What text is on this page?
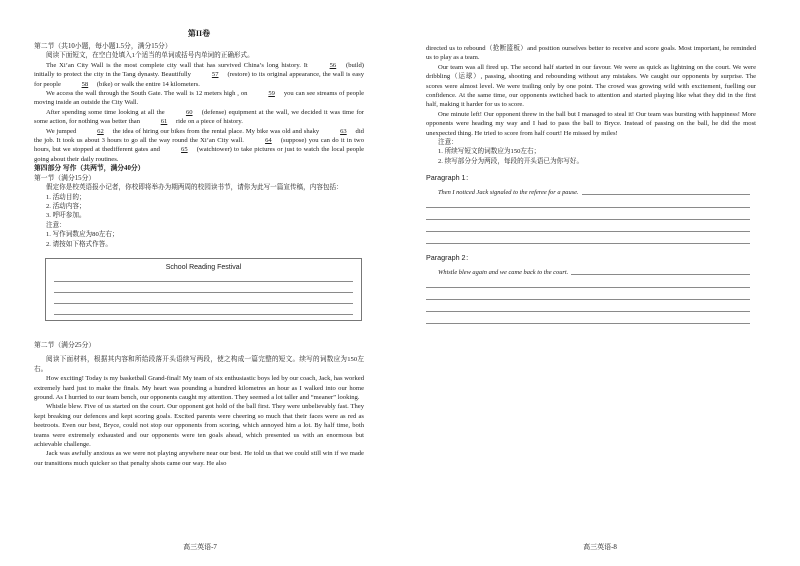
第II卷
第二节（共10小题，每小题1.5分，满分15分）
阅读下面短文，在空白处填入1个适当的单词或括号内单词的正确形式。
The Xi’an City Wall is the most complete city wall that has survived China’s long history. It	56 (build) initially to protect the city in the Tang dynasty. Beautifully	57 (restore) to its original appearance, the wall is easy for people	58 (bike) or walk the entire 14 kilometers.
We access the wall through the South Gate. The wall is 12 meters high , on	59 you can see streams of people moving inside an outside the City Wall.
After spending some time looking at all the	60 (defense) equipment at the wall, we decided it was time for some action, for nothing was better than	61 ride on a piece of history.
We jumped	62 the idea of hiring our bikes from the rental place. My bike was old and shaky	63 did the job. It took us about 3 hours to go all the way round the Xi’an City wall.	64 (suppose) you can do it in two hours, but we stopped at thedifferent gates and	65 (watchtower) to take pictures or just to watch the local people going about their daily routines.
第四部分 写作（共两节，满分40分）
第一节（满分15分）
假定你是校英语报小记者，你校即将举办为期两周的校园读书节，请你为此写一篇宣传稿，内容包括：
1. 活动目的；
2. 活动内容；
3. 呼吁参加。
注意：
1. 写作词数应为80左右；
2. 请按如下格式作答。
School Reading Festival
第二节（满分25分）
阅读下面材料，根据其内容和所给段落开头语续写两段，使之构成一篇完整的短文。续写的词数应为150左右。
How exciting! Today is my basketball Grand-final! My team of six enthusiastic boys led by our coach, Jack, has worked extremely hard just to make the finals. My heart was pounding a hundred kilometres an hour as I walked into our home ground. As I hurried to our team bench, our opponents caught my attention. They seemed a lot taller and “meaner” looking.
Whistle blew. Five of us started on the court. Our opponent got hold of the ball first. They were unbelievably fast. They kept breaking our defences and kept scoring goals. Excited parents were cheering so much that their faces were as red as beetroots. Even our best, Bryce, could not stop our opponents from scoring, which annoyed him a lot. By half time, both teams were extremely exhausted and our opponents were ten goals ahead, which presented us with an enormous but achievable challenge.
Jack was awfully anxious as we were not playing anywhere near our best. He told us that we could still win if we made our transitions much quicker so that penalty shots came our way. He also
高三英语-7
directed us to rebound（抢断篮板）and position ourselves better to receive and score goals. Most important, he reminded us to play as a team.
Our team was all fired up. The second half started in our favour. We were as quick as lightning on the court. We were dribbling（运球）, passing, shooting and rebounding without any mistakes. We caught our opponents by surprise. The scores were almost level. We were trailing only by one point. The crowd was growing wild with excitement, fuelling our confidence. At the same time, our opponents switched back to attention and started playing like what they did in the first half, making it harder for us to score.
One minute left! Our opponent threw in the ball but I managed to steal it! Our team was bursting with happiness! More opponents were heading my way and I had to pass the ball to Bryce. Instead of passing on the ball, he did the most unexpected thing. He tried to score from half court! He missed by miles!
注意：
1. 所续写短文的词数应为150左右；
2. 续写部分分为两段，每段的开头语已为你写好。
Paragraph 1：
Then I noticed Jack signaled to the referee for a pause.
Paragraph 2：
Whistle blew again and we came back to the court.
高三英语-8
